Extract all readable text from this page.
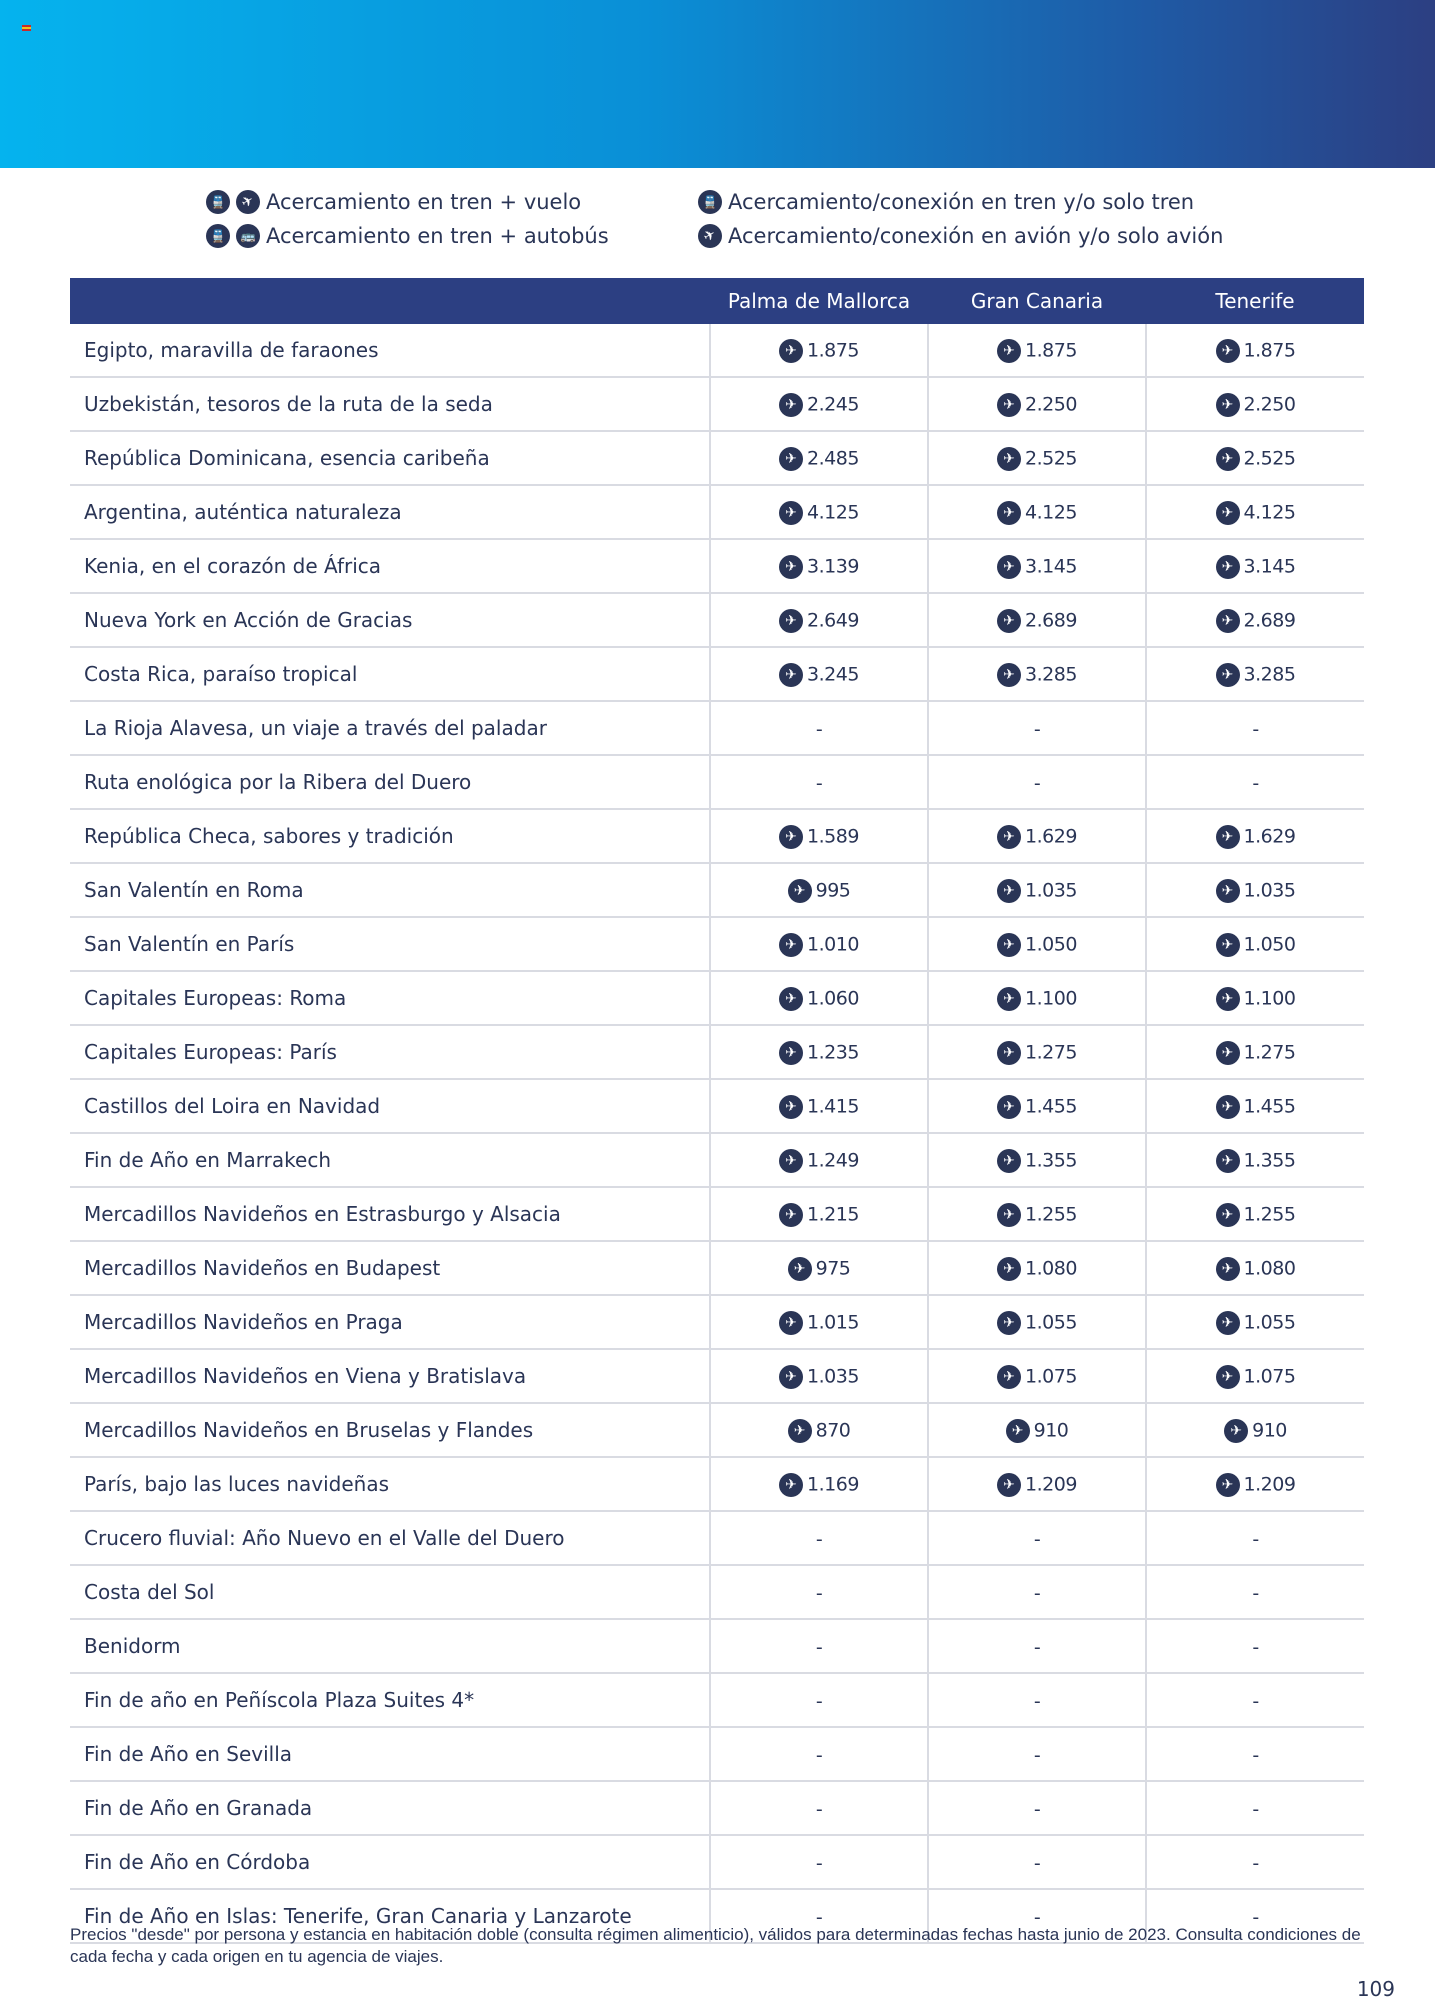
🚆
✈
Acercamiento en tren + vuelo
🚆
🚌
Acercamiento en tren + autobús
🚆
Acercamiento/conexión en tren y/o solo tren
✈
Acercamiento/conexión en avión y/o solo avión
	Palma de Mallorca	Gran Canaria	Tenerife
Egipto, maravilla de faraones	✈ 1.875	✈ 1.875	✈ 1.875
Uzbekistán, tesoros de la ruta de la seda	✈ 2.245	✈ 2.250	✈ 2.250
República Dominicana, esencia caribeña	✈ 2.485	✈ 2.525	✈ 2.525
Argentina, auténtica naturaleza	✈ 4.125	✈ 4.125	✈ 4.125
Kenia, en el corazón de África	✈ 3.139	✈ 3.145	✈ 3.145
Nueva York en Acción de Gracias	✈ 2.649	✈ 2.689	✈ 2.689
Costa Rica, paraíso tropical	✈ 3.245	✈ 3.285	✈ 3.285
La Rioja Alavesa, un viaje a través del paladar	-	-	-
Ruta enológica por la Ribera del Duero	-	-	-
República Checa, sabores y tradición	✈ 1.589	✈ 1.629	✈ 1.629
San Valentín en Roma	✈ 995	✈ 1.035	✈ 1.035
San Valentín en París	✈ 1.010	✈ 1.050	✈ 1.050
Capitales Europeas: Roma	✈ 1.060	✈ 1.100	✈ 1.100
Capitales Europeas: París	✈ 1.235	✈ 1.275	✈ 1.275
Castillos del Loira en Navidad	✈ 1.415	✈ 1.455	✈ 1.455
Fin de Año en Marrakech	✈ 1.249	✈ 1.355	✈ 1.355
Mercadillos Navideños en Estrasburgo y Alsacia	✈ 1.215	✈ 1.255	✈ 1.255
Mercadillos Navideños en Budapest	✈ 975	✈ 1.080	✈ 1.080
Mercadillos Navideños en Praga	✈ 1.015	✈ 1.055	✈ 1.055
Mercadillos Navideños en Viena y Bratislava	✈ 1.035	✈ 1.075	✈ 1.075
Mercadillos Navideños en Bruselas y Flandes	✈ 870	✈ 910	✈ 910
París, bajo las luces navideñas	✈ 1.169	✈ 1.209	✈ 1.209
Crucero fluvial: Año Nuevo en el Valle del Duero	-	-	-
Costa del Sol	-	-	-
Benidorm	-	-	-
Fin de año en Peñíscola Plaza Suites 4*	-	-	-
Fin de Año en Sevilla	-	-	-
Fin de Año en Granada	-	-	-
Fin de Año en Córdoba	-	-	-
Fin de Año en Islas: Tenerife, Gran Canaria y Lanzarote	-	-	-
Precios "desde" por persona y estancia en habitación doble (consulta régimen alimenticio), válidos para determinadas fechas hasta junio de 2023. Consulta condiciones de cada fecha y cada origen en tu agencia de viajes.
109
